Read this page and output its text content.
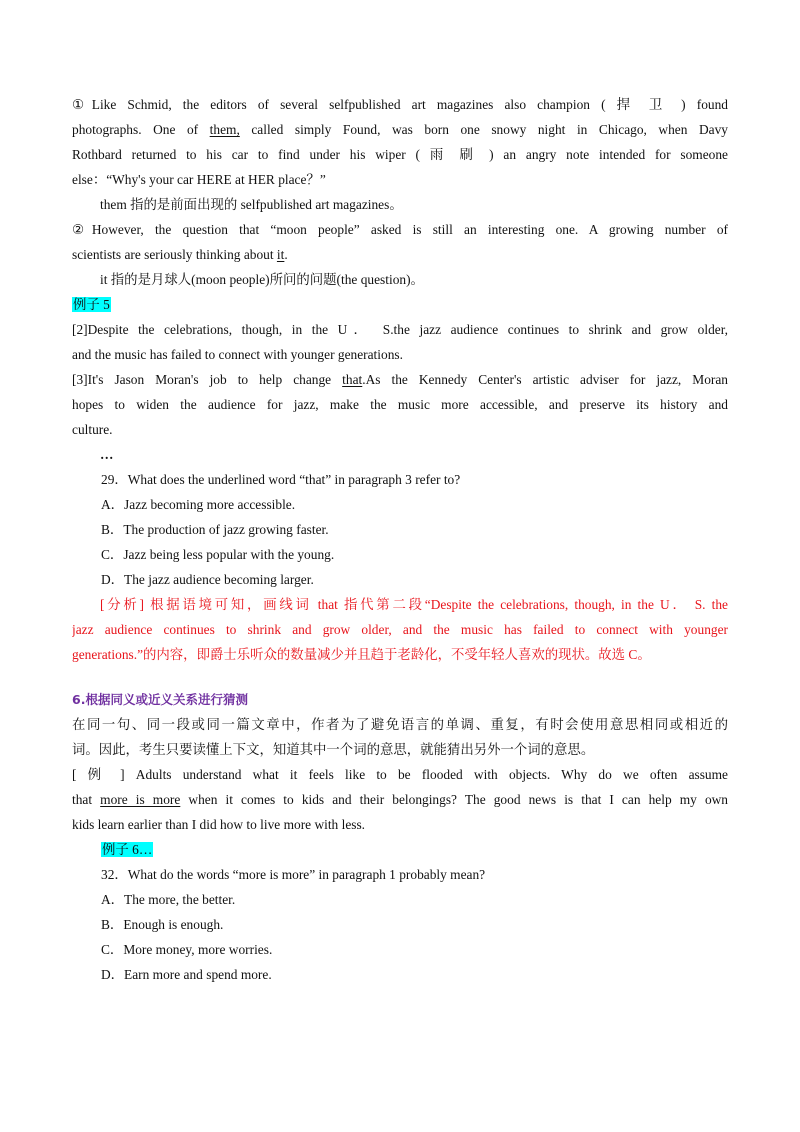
①Like Schmid, the editors of several selfpublished art magazines also champion ( 捍 卫 ) found
photographs. One of them, called simply Found, was born one snowy night in Chicago, when Davy
Rothbard returned to his car to find under his wiper ( 雨 刷 ) an angry note intended for someone
else：“Why's your car HERE at HER place？”
them 指的是前面出现的 selfpublished art magazines。
②However, the question that “moon people” asked is still an interesting one. A growing number of
scientists are seriously thinking about it.
it 指的是月球人(moon people)所问的问题(the question)。
例子 5
[2]Despite the celebrations, though, in the U． S.the jazz audience continues to shrink and grow older,
and the music has failed to connect with younger generations.
[3]It's Jason Moran's job to help change that.As the Kennedy Center's artistic adviser for jazz, Moran
hopes to widen the audience for jazz, make the music more accessible, and preserve its history and
culture.
…
29．What does the underlined word “that” in paragraph 3 refer to?
A．Jazz becoming more accessible.
B．The production of jazz growing faster.
C．Jazz being less popular with the young.
D．The jazz audience becoming larger.
[分析] 根据语境可知，画线词 that 指代第二段“Despite the celebrations, though, in the U． S. the
jazz audience continues to shrink and grow older, and the music has failed to connect with younger
generations.”的内容，即爵士乐听众的数量减少并且趋于老龄化，不受年轻人喜欢的现状。故选 C。
6.根据同义或近义关系进行猜测
在同一句、同一段或同一篇文章中，作者为了避免语言的单调、重复，有时会使用意思相同或相近的
词。因此，考生只要读懂上下文，知道其中一个词的意思，就能猜出另外一个词的意思。
[ 例 ] Adults understand what it feels like to be flooded with objects. Why do we often assume
that more is more when it comes to kids and their belongings? The good news is that I can help my own
kids learn earlier than I did how to live more with less.
例子 6…
32．What do the words “more is more” in paragraph 1 probably mean?
A．The more, the better.
B．Enough is enough.
C．More money, more worries.
D．Earn more and spend more.
